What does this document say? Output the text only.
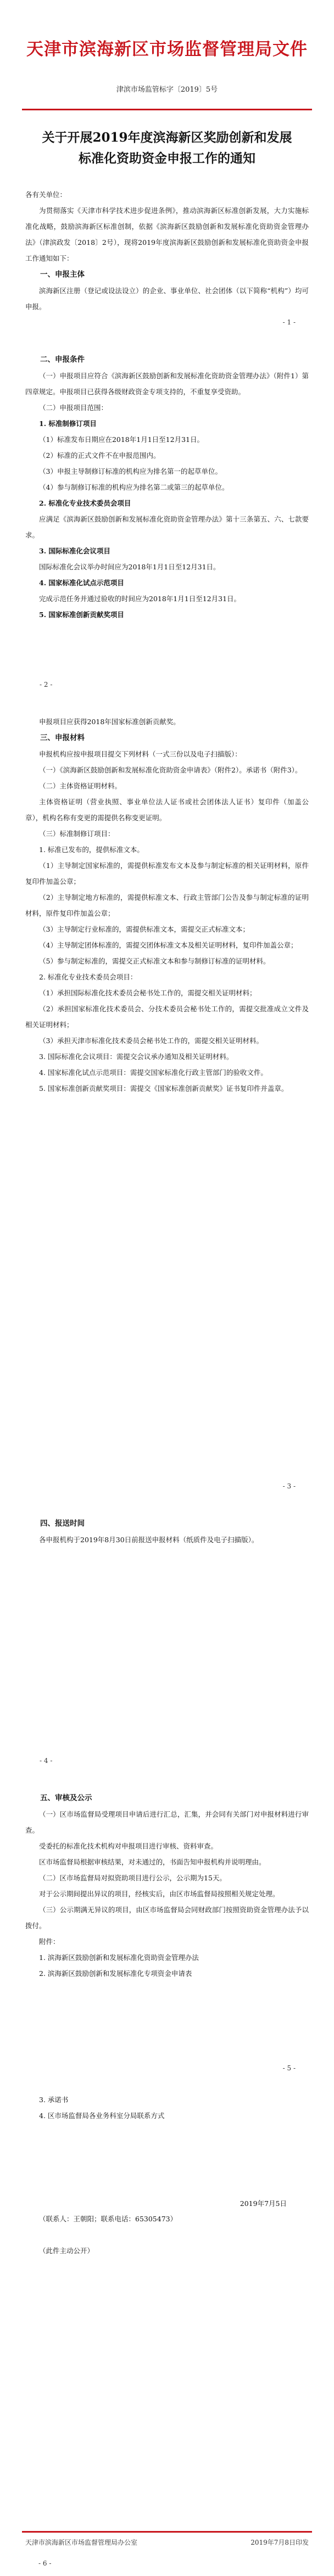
天津市滨海新区市场监督管理局文件
津滨市场监管标字〔2019〕5号
关于开展2019年度滨海新区奖励创新和发展
标准化资助资金申报工作的通知

各有关单位：

为贯彻落实《天津市科学技术进步促进条例》，推动滨海新区标准创新发展，大力实施标准化战略，鼓励滨海新区标准创制，依据《滨海新区鼓励创新和发展标准化资助资金管理办法》（津滨政发〔2018〕2号），现将2019年度滨海新区鼓励创新和发展标准化资助资金申报工作通知如下：

一、申报主体

滨海新区注册（登记或设法设立）的企业、事业单位、社会团体（以下简称“机构”）均可申报。

- 1 -

二、申报条件

（一）申报项目应符合《滨海新区鼓励创新和发展标准化资助资金管理办法》（附件1）第四章规定。申报项目已获得各级财政资金专项支持的，不重复享受资助。

（二）申报项目范围：

1. 标准制修订项目

（1）标准发布日期应在2018年1月1日至12月31日。

（2）标准的正式文件不在申报范围内。

（3）申报主导制修订标准的机构应为排名第一的起草单位。

（4）参与制修订标准的机构应为排名第二或第三的起草单位。

2. 标准化专业技术委员会项目

应满足《滨海新区鼓励创新和发展标准化资助资金管理办法》第十三条第五、六、七款要求。

3. 国际标准化会议项目

国际标准化会议举办时间应为2018年1月1日至12月31日。

4. 国家标准化试点示范项目

完成示范任务并通过验收的时间应为2018年1月1日至12月31日。

5. 国家标准创新贡献奖项目

- 2 -

申报项目应获得2018年国家标准创新贡献奖。

三、申报材料

申报机构应按申报项目提交下列材料（一式三份以及电子扫描版）：

（一）《滨海新区鼓励创新和发展标准化资助资金申请表》（附件2）。承诺书（附件3）。

（二）主体资格证明材料。

主体资格证明（营业执照、事业单位法人证书或社会团体法人证书）复印件（加盖公章），机构名称有变更的需提供名称变更证明。

（三）标准制修订项目：

1. 标准已发布的，提供标准文本。

（1）主导制定国家标准的，需提供标准发布文本及参与制定标准的相关证明材料，原件复印件加盖公章；

（2）主导制定地方标准的，需提供标准文本、行政主管部门公告及参与制定标准的证明材料，原件复印件加盖公章；

（3）主导制定行业标准的，需提供标准文本，需提交正式标准文本；

（4）主导制定团体标准的，需提交团体标准文本及相关证明材料，复印件加盖公章；

（5）参与制定标准的，需提交正式标准文本和参与制修订标准的证明材料。

2. 标准化专业技术委员会项目：

（1）承担国际标准化技术委员会秘书处工作的，需提交相关证明材料；

（2）承担国家标准化技术委员会、分技术委员会秘书处工作的，需提交批准成立文件及相关证明材料；

（3）承担天津市标准化技术委员会秘书处工作的，需提交相关证明材料。

3. 国际标准化会议项目：需提交会议承办通知及相关证明材料。

4. 国家标准化试点示范项目：需提交国家标准化行政主管部门的验收文件。

5. 国家标准创新贡献奖项目：需提交《国家标准创新贡献奖》证书复印件并盖章。

- 3 -

四、报送时间

各申报机构于2019年8月30日前报送申报材料（纸质件及电子扫描版）。

- 4 -

五、审核及公示

（一）区市场监督局受理项目申请后进行汇总，汇集，并会同有关部门对申报材料进行审查。

受委托的标准化技术机构对申报项目进行审核、资料审查。

区市场监督局根据审核结果，对未通过的，书面告知申报机构并说明理由。

（二）区市场监督局对拟资助项目进行公示，公示期为15天。

对于公示期间提出异议的项目，经核实后，由区市场监督局按照相关规定处理。

（三）公示期满无异议的项目，由区市场监督局会同财政部门按照资助资金管理办法予以拨付。

附件：

1. 滨海新区鼓励创新和发展标准化资助资金管理办法

2. 滨海新区鼓励创新和发展标准化专项资金申请表

- 5 -

3. 承诺书

4. 区市场监督局各业务科室分局联系方式

2019年7月5日
（联系人：王朝阳；联系电话：65305473）
（此件主动公开）
天津市滨海新区市场监督管理局办公室	2019年7月8日印发
- 6 -
